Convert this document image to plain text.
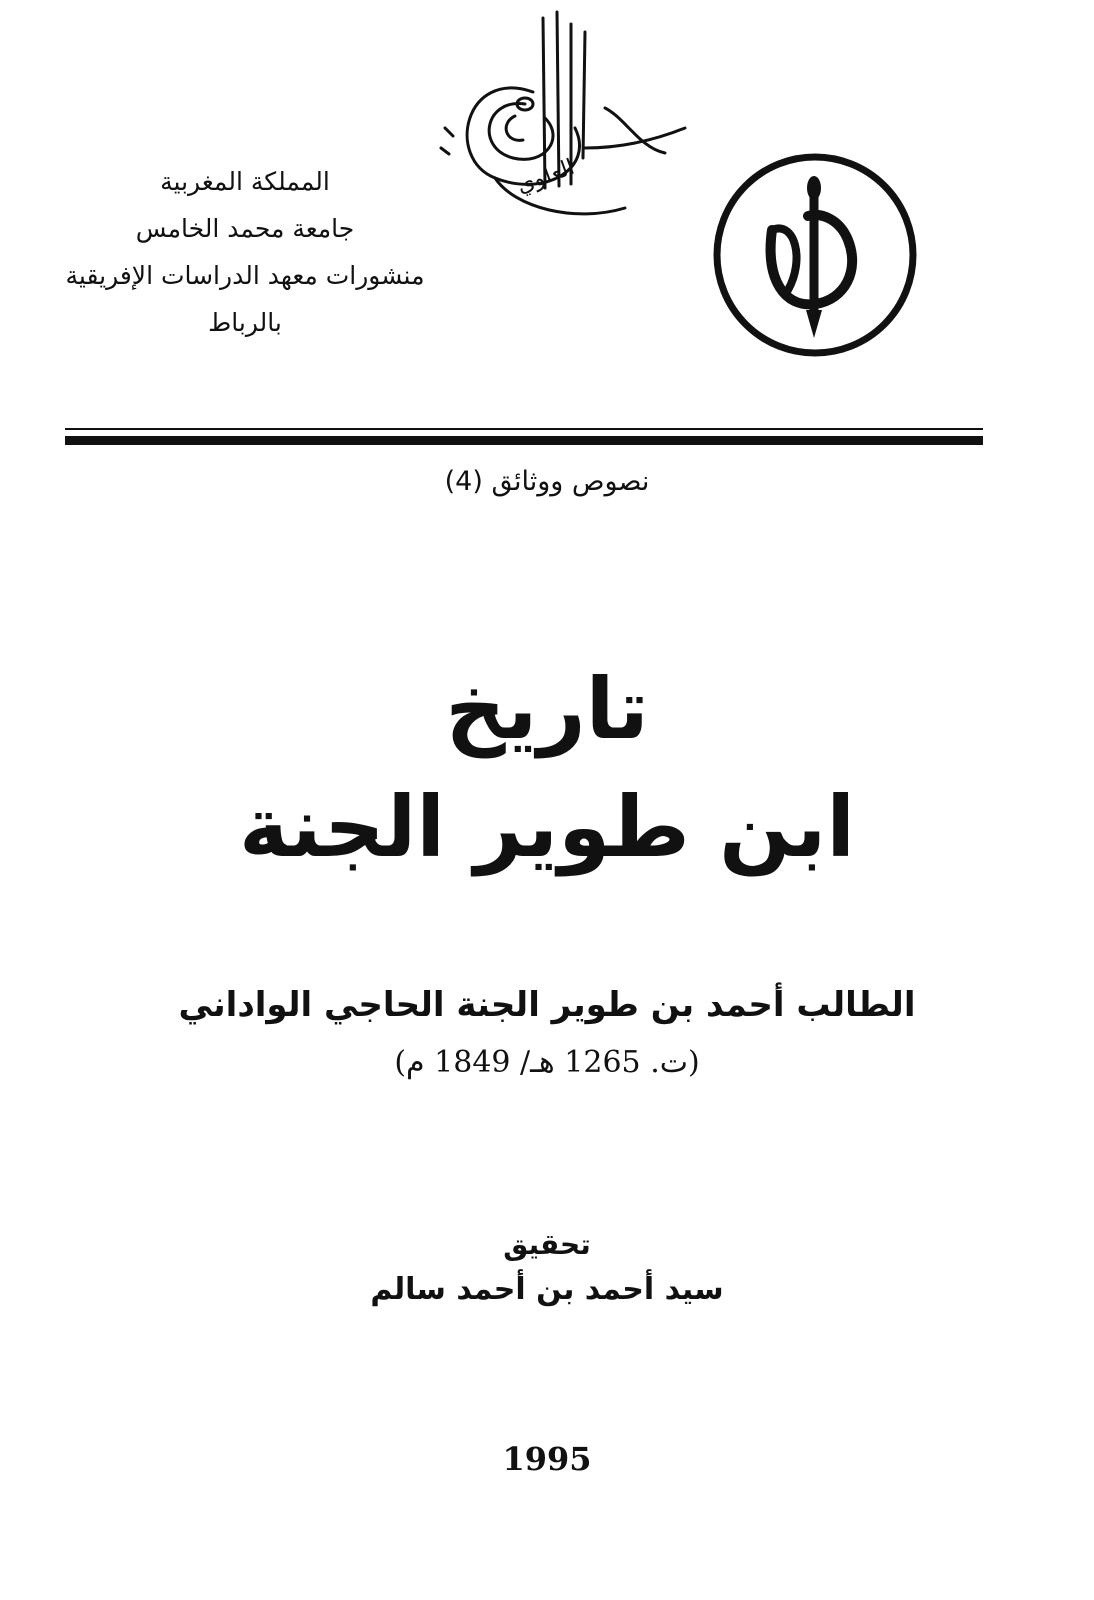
المملكة المغربية
جامعة محمد الخامس
منشورات معهد الدراسات الإفريقية
بالرباط
العلوي
نصوص ووثائق (4)
تاريخ
ابن طوير الجنة
الطالب أحمد بن طوير الجنة الحاجي الواداني
(ت. 1265 هـ/ 1849 م)
تحقيق
سيد أحمد بن أحمد سالم
1995
